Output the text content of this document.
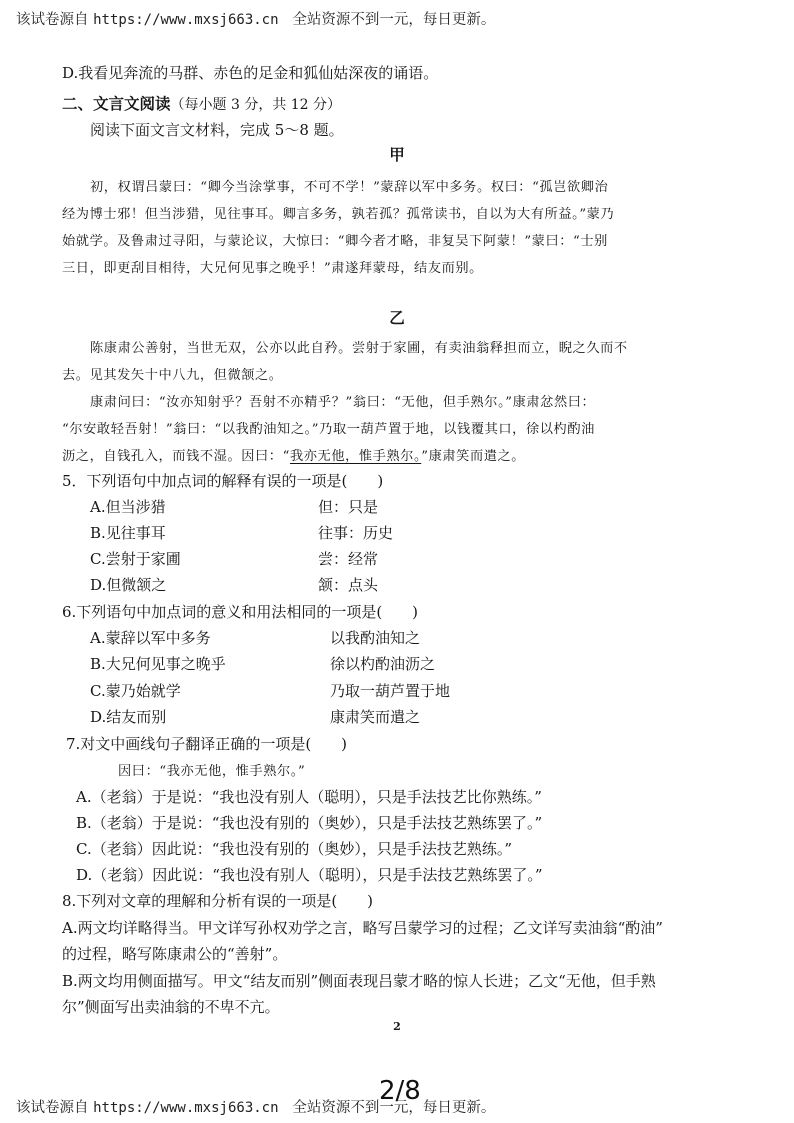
该试卷源自 https://www.mxsj663.cn 全站资源不到一元，每日更新。
D.我看见奔流的马群、赤色的足金和狐仙姑深夜的诵语。
二、文言文阅读（每小题 3 分，共 12 分）
阅读下面文言文材料，完成 5～8 题。
甲
初，权谓吕蒙曰：“卿今当涂掌事，不可不学！”蒙辞以军中多务。权曰：“孤岂欲卿治
经为博士邪！但当涉猎，见往事耳。卿言多务，孰若孤？孤常读书，自以为大有所益。”蒙乃
始就学。及鲁肃过寻阳，与蒙论议，大惊曰：“卿今者才略，非复吴下阿蒙！”蒙曰：“士别
三日，即更刮目相待，大兄何见事之晚乎！”肃遂拜蒙母，结友而别。
乙
陈康肃公善射，当世无双，公亦以此自矜。尝射于家圃，有卖油翁释担而立，睨之久而不
去。见其发矢十中八九，但微颔之。
康肃问曰：“汝亦知射乎？吾射不亦精乎？”翁曰：“无他，但手熟尔。”康肃忿然曰：
“尔安敢轻吾射！”翁曰：“以我酌油知之。”乃取一葫芦置于地，以钱覆其口，徐以杓酌油
沥之，自钱孔入，而钱不湿。因曰：“我亦无他，惟手熟尔。”康肃笑而遣之。
5．下列语句中加点词的解释有误的一项是(　　)
A.但当涉猎	但：只是
B.见往事耳	往事：历史
C.尝射于家圃	尝：经常
D.但微颔之	颔：点头
6.下列语句中加点词的意义和用法相同的一项是(　　)
A.蒙辞以军中多务	以我酌油知之
B.大兄何见事之晚乎	徐以杓酌油沥之
C.蒙乃始就学	乃取一葫芦置于地
D.结友而别	康肃笑而遣之
7.对文中画线句子翻译正确的一项是(　　)
因曰：“我亦无他，惟手熟尔。”
A.（老翁）于是说：“我也没有别人（聪明），只是手法技艺比你熟练。”
B.（老翁）于是说：“我也没有别的（奥妙），只是手法技艺熟练罢了。”
C.（老翁）因此说：“我也没有别的（奥妙），只是手法技艺熟练。”
D.（老翁）因此说：“我也没有别人（聪明），只是手法技艺熟练罢了。”
8.下列对文章的理解和分析有误的一项是(　　)
A.两文均详略得当。甲文详写孙权劝学之言，略写吕蒙学习的过程；乙文详写卖油翁“酌油”
的过程，略写陈康肃公的“善射”。
B.两文均用侧面描写。甲文“结友而别”侧面表现吕蒙才略的惊人长进；乙文“无他，但手熟
尔”侧面写出卖油翁的不卑不亢。
2
2/8
该试卷源自 https://www.mxsj663.cn 全站资源不到一元，每日更新。
